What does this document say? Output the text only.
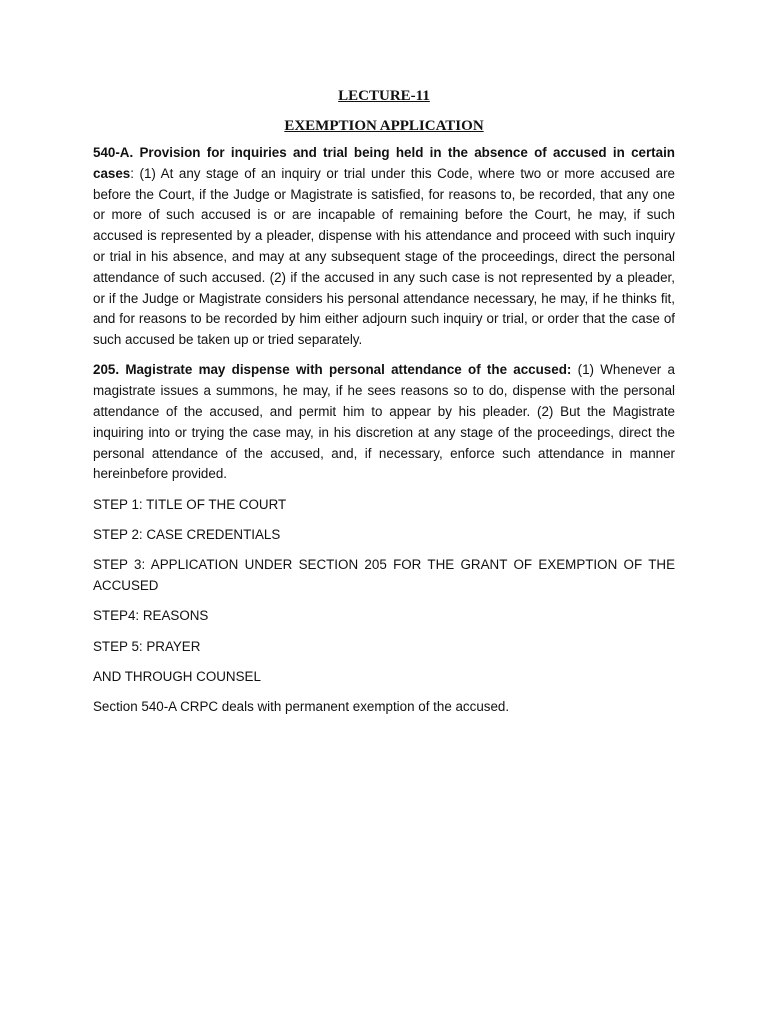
LECTURE-11

EXEMPTION APPLICATION

540-A. Provision for inquiries and trial being held in the absence of accused in certain cases: (1) At any stage of an inquiry or trial under this Code, where two or more accused are before the Court, if the Judge or Magistrate is satisfied, for reasons to, be recorded, that any one or more of such accused is or are incapable of remaining before the Court, he may, if such accused is represented by a pleader, dispense with his attendance and proceed with such inquiry or trial in his absence, and may at any subsequent stage of the proceedings, direct the personal attendance of such accused. (2) if the accused in any such case is not represented by a pleader, or if the Judge or Magistrate considers his personal attendance necessary, he may, if he thinks fit, and for reasons to be recorded by him either adjourn such inquiry or trial, or order that the case of such accused be taken up or tried separately.

205. Magistrate may dispense with personal attendance of the accused: (1) Whenever a magistrate issues a summons, he may, if he sees reasons so to do, dispense with the personal attendance of the accused, and permit him to appear by his pleader. (2) But the Magistrate inquiring into or trying the case may, in his discretion at any stage of the proceedings, direct the personal attendance of the accused, and, if necessary, enforce such attendance in manner hereinbefore provided.

STEP 1: TITLE OF THE COURT

STEP 2: CASE CREDENTIALS

STEP 3: APPLICATION UNDER SECTION 205 FOR THE GRANT OF EXEMPTION OF THE ACCUSED

STEP4: REASONS

STEP 5: PRAYER

AND THROUGH COUNSEL

Section 540-A CRPC deals with permanent exemption of the accused.
